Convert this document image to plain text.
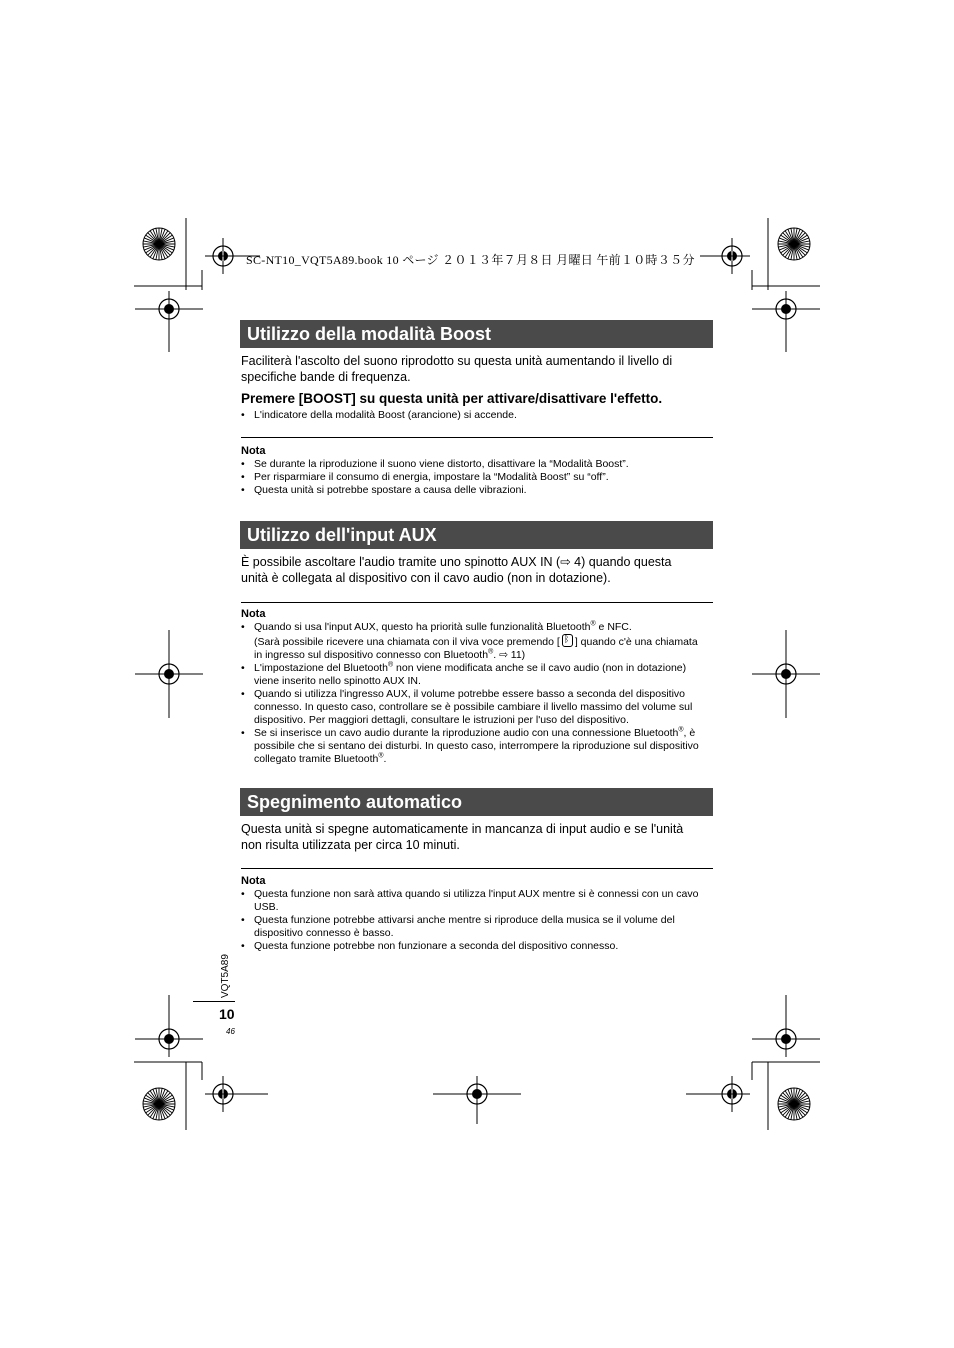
SC-NT10_VQT5A89.book 10 ページ ２０１３年７月８日 月曜日 午前１０時３５分
Utilizzo della modalità Boost
Faciliterà l'ascolto del suono riprodotto su questa unità aumentando il livello di
specifiche bande di frequenza.
Premere [BOOST] su questa unità per attivare/disattivare l'effetto.
• L'indicatore della modalità Boost (arancione) si accende.
Nota
• Se durante la riproduzione il suono viene distorto, disattivare la “Modalità Boost”.
• Per risparmiare il consumo di energia, impostare la “Modalità Boost” su “off”.
• Questa unità si potrebbe spostare a causa delle vibrazioni.
Utilizzo dell'input AUX
È possibile ascoltare l'audio tramite uno spinotto AUX IN (⇨ 4) quando questa
unità è collegata al dispositivo con il cavo audio (non in dotazione).
Nota
• Quando si usa l'input AUX, questo ha priorità sulle funzionalità Bluetooth® e NFC.
(Sarà possibile ricevere una chiamata con il viva voce premendo [ᛒ ] quando c'è una chiamata
in ingresso sul dispositivo connesso con Bluetooth®. ⇨ 11)
• L'impostazione del Bluetooth® non viene modificata anche se il cavo audio (non in dotazione) viene inserito nello spinotto AUX IN.
• Quando si utilizza l'ingresso AUX, il volume potrebbe essere basso a seconda del dispositivo connesso. In questo caso, controllare se è possibile cambiare il livello massimo del volume sul dispositivo. Per maggiori dettagli, consultare le istruzioni per l'uso del dispositivo.
• Se si inserisce un cavo audio durante la riproduzione audio con una connessione Bluetooth®, è possibile che si sentano dei disturbi. In questo caso, interrompere la riproduzione sul dispositivo collegato tramite Bluetooth®.
Spegnimento automatico
Questa unità si spegne automaticamente in mancanza di input audio e se l'unità
non risulta utilizzata per circa 10 minuti.
Nota
• Questa funzione non sarà attiva quando si utilizza l'input AUX mentre si è connessi con un cavo USB.
• Questa funzione potrebbe attivarsi anche mentre si riproduce della musica se il volume del dispositivo connesso è basso.
• Questa funzione potrebbe non funzionare a seconda del dispositivo connesso.
VQT5A89
10
46
